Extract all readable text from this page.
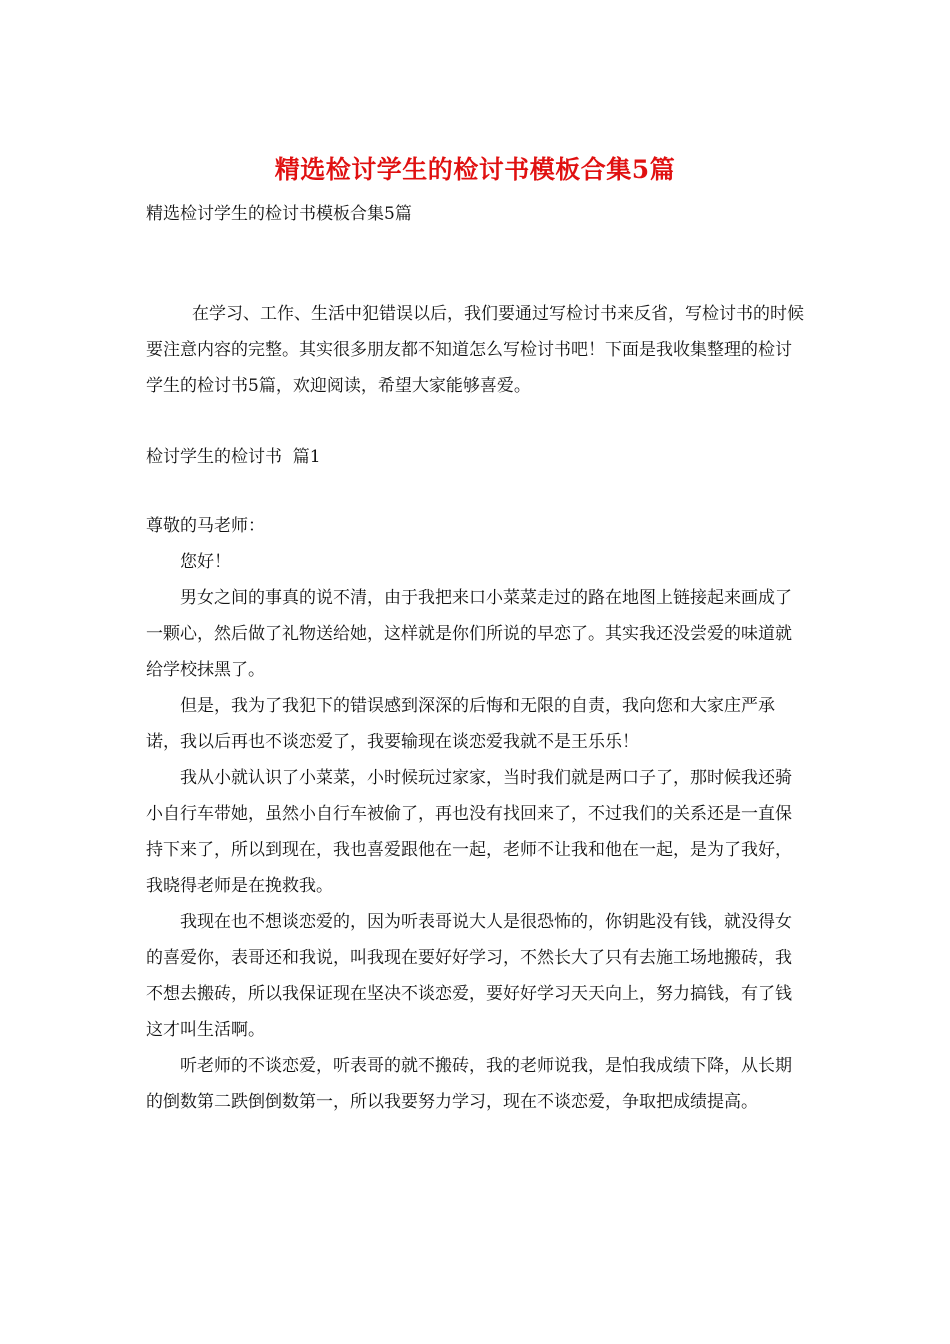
精选检讨学生的检讨书模板合集5篇
精选检讨学生的检讨书模板合集5篇
在学习、工作、生活中犯错误以后，我们要通过写检讨书来反省，写检讨书的时候要注意内容的完整。其实很多朋友都不知道怎么写检讨书吧！下面是我收集整理的检讨学生的检讨书5篇，欢迎阅读，希望大家能够喜爱。
检讨学生的检讨书  篇1

尊敬的马老师：

您好！

男女之间的事真的说不清，由于我把来口小菜菜走过的路在地图上链接起来画成了一颗心，然后做了礼物送给她，这样就是你们所说的早恋了。其实我还没尝爱的味道就给学校抹黑了。

但是，我为了我犯下的错误感到深深的后悔和无限的自责，我向您和大家庄严承诺，我以后再也不谈恋爱了，我要输现在谈恋爱我就不是王乐乐！

我从小就认识了小菜菜，小时候玩过家家，当时我们就是两口子了，那时候我还骑小自行车带她，虽然小自行车被偷了，再也没有找回来了，不过我们的关系还是一直保持下来了，所以到现在，我也喜爱跟他在一起，老师不让我和他在一起，是为了我好，我晓得老师是在挽救我。

我现在也不想谈恋爱的，因为听表哥说大人是很恐怖的，你钥匙没有钱，就没得女的喜爱你，表哥还和我说，叫我现在要好好学习，不然长大了只有去施工场地搬砖，我不想去搬砖，所以我保证现在坚决不谈恋爱，要好好学习天天向上，努力搞钱，有了钱这才叫生活啊。

听老师的不谈恋爱，听表哥的就不搬砖，我的老师说我，是怕我成绩下降，从长期的倒数第二跌倒倒数第一，所以我要努力学习，现在不谈恋爱，争取把成绩提高。
